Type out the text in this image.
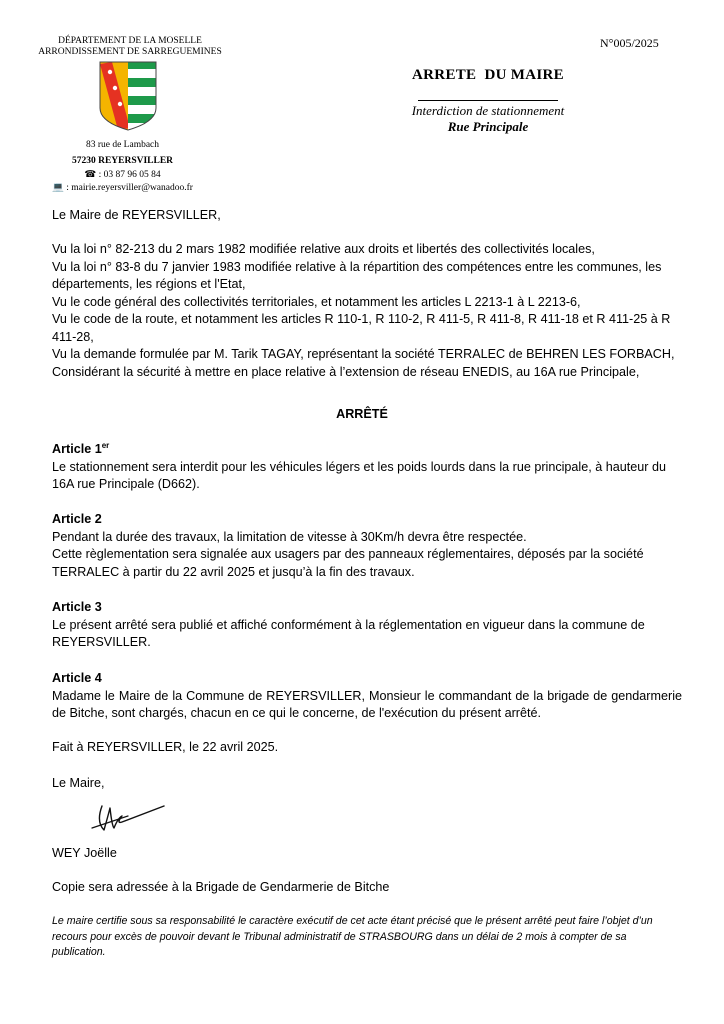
DÉPARTEMENT DE LA MOSELLE
ARRONDISSEMENT DE SARREGUEMINES
83 rue de Lambach
57230 REYERSVILLER
☎ : 03 87 96 05 84
💻 : mairie.reyersviller@wanadoo.fr
N°005/2025
ARRETE  DU MAIRE
Interdiction de stationnement
Rue Principale
Le Maire de REYERSVILLER,

Vu la loi n° 82-213 du 2 mars 1982 modifiée relative aux droits et libertés des collectivités locales,

Vu la loi n° 83-8 du 7 janvier 1983 modifiée relative à la répartition des compétences entre les communes, les départements, les régions et l'Etat,

Vu le code général des collectivités territoriales, et notamment les articles L 2213-1 à L 2213-6,

Vu le code de la route, et notamment les articles R 110-1, R 110-2, R 411-5, R 411-8, R 411-18 et R 411-25 à R 411-28,

Vu la demande formulée par M. Tarik TAGAY, représentant la société TERRALEC de BEHREN LES FORBACH,

Considérant la sécurité à mettre en place relative à l’extension de réseau ENEDIS, au 16A rue Principale,

ARRÊTÉ

Article 1er

Le stationnement sera interdit pour les véhicules légers et les poids lourds dans la rue principale, à hauteur du 16A rue Principale (D662).

Article 2

Pendant la durée des travaux, la limitation de vitesse à 30Km/h devra être respectée.

Cette règlementation sera signalée aux usagers par des panneaux réglementaires, déposés par la société TERRALEC à partir du 22 avril 2025 et jusqu’à la fin des travaux.

Article 3

Le présent arrêté sera publié et affiché conformément à la réglementation en vigueur dans la commune de REYERSVILLER.

Article 4

Madame le Maire de la Commune de REYERSVILLER, Monsieur le commandant de la brigade de gendarmerie de Bitche, sont chargés, chacun en ce qui le concerne, de l'exécution du présent arrêté.

Fait à REYERSVILLER, le 22 avril 2025.
Le Maire,
WEY Joëlle
Copie sera adressée à la Brigade de Gendarmerie de Bitche
Le maire certifie sous sa responsabilité le caractère exécutif de cet acte étant précisé que le présent arrêté peut faire l’objet d’un recours pour excès de pouvoir devant le Tribunal administratif de STRASBOURG dans un délai de 2 mois à compter de sa publication.
